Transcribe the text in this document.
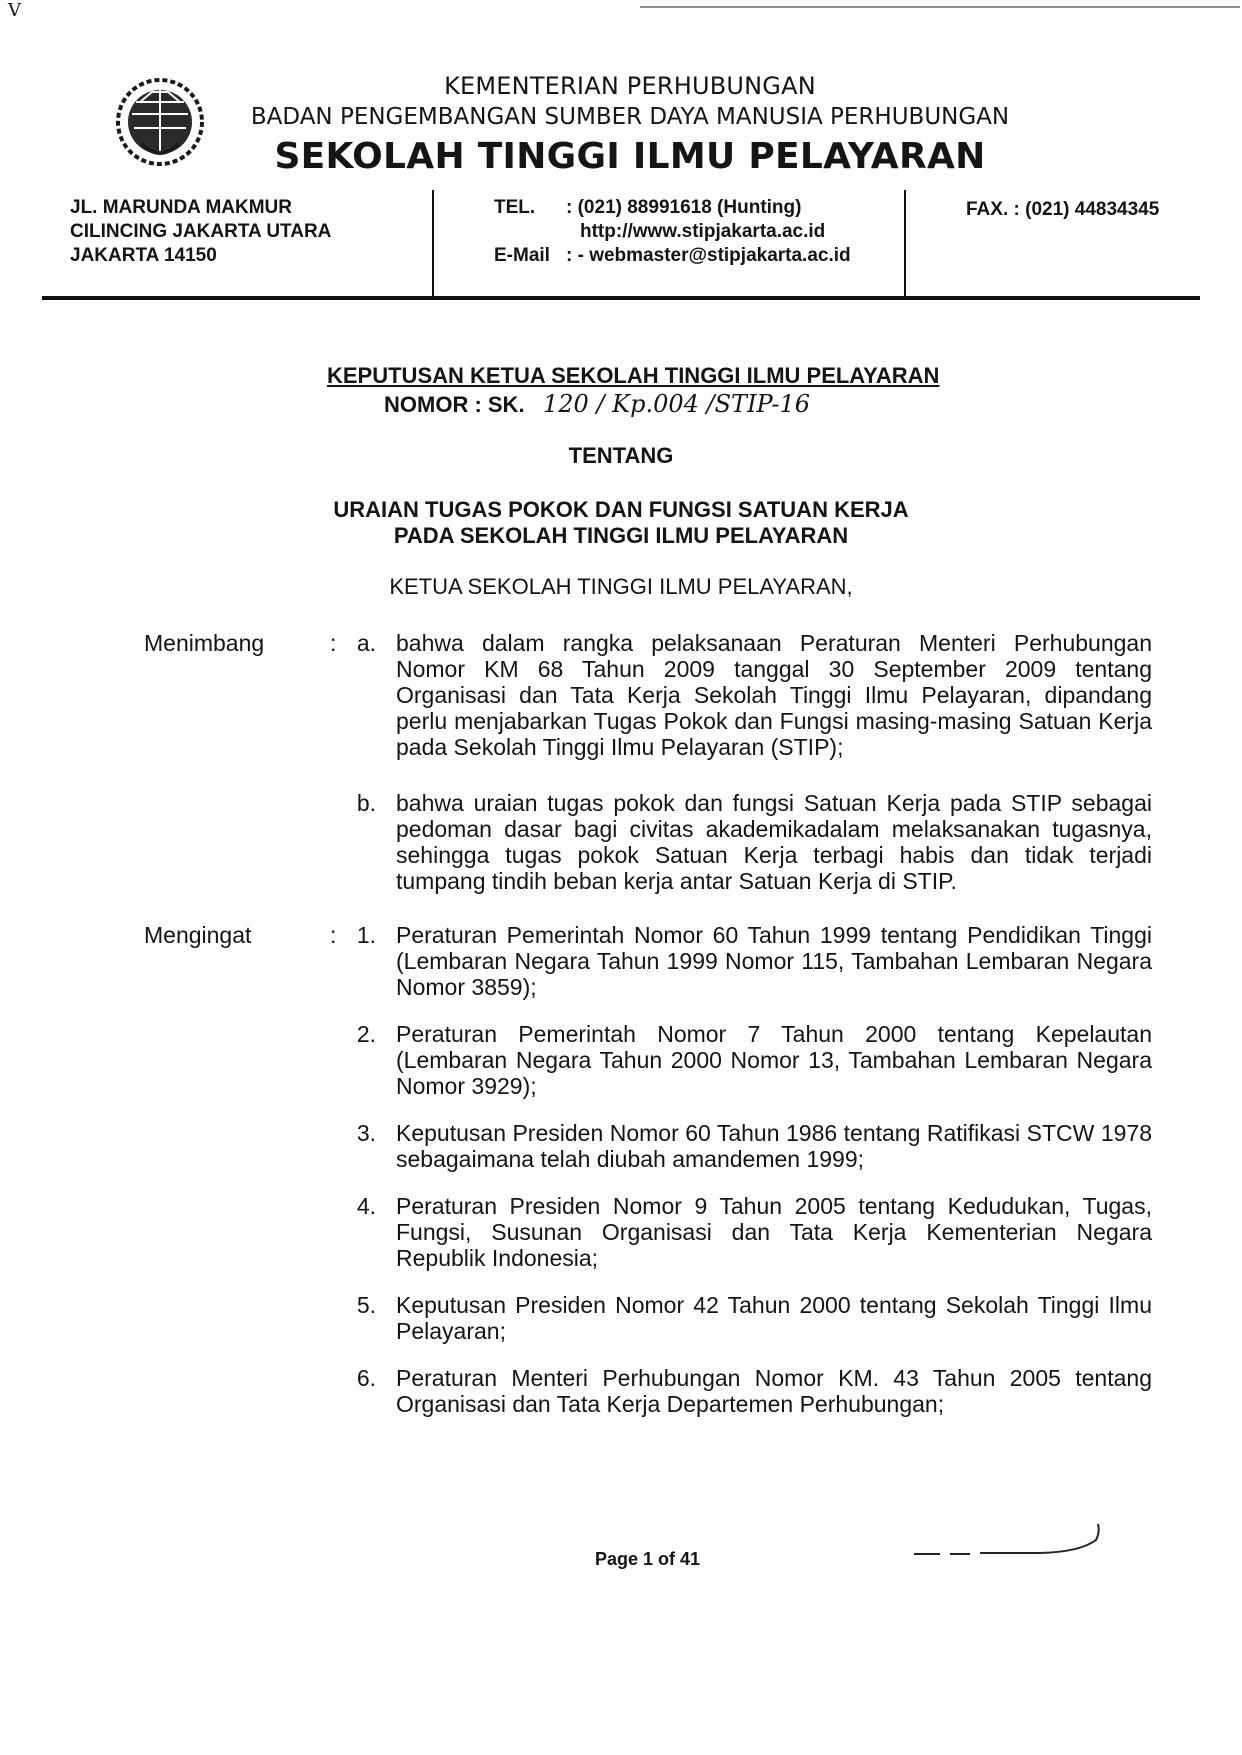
V
KEMENTERIAN PERHUBUNGAN
BADAN PENGEMBANGAN SUMBER DAYA MANUSIA PERHUBUNGAN
SEKOLAH TINGGI ILMU PELAYARAN
JL. MARUNDA MAKMUR
CILINCING JAKARTA UTARA
JAKARTA 14150
TEL.	: (021) 88991618 (Hunting)
http://www.stipjakarta.ac.id
E-Mail : - webmaster@stipjakarta.ac.id
FAX. : (021) 44834345
KEPUTUSAN KETUA SEKOLAH TINGGI ILMU PELAYARAN
NOMOR : SK. 120 / Kp.004 /STIP-16
TENTANG
URAIAN TUGAS POKOK DAN FUNGSI SATUAN KERJA
PADA SEKOLAH TINGGI ILMU PELAYARAN
KETUA SEKOLAH TINGGI ILMU PELAYARAN,
Menimbang	: a. bahwa dalam rangka pelaksanaan Peraturan Menteri Perhubungan Nomor KM 68 Tahun 2009 tanggal 30 September 2009 tentang Organisasi dan Tata Kerja Sekolah Tinggi Ilmu Pelayaran, dipandang perlu menjabarkan Tugas Pokok dan Fungsi masing-masing Satuan Kerja pada Sekolah Tinggi Ilmu Pelayaran (STIP);
b. bahwa uraian tugas pokok dan fungsi Satuan Kerja pada STIP sebagai pedoman dasar bagi civitas akademikadalam melaksanakan tugasnya, sehingga tugas pokok Satuan Kerja terbagi habis dan tidak terjadi tumpang tindih beban kerja antar Satuan Kerja di STIP.
Mengingat	: 1. Peraturan Pemerintah Nomor 60 Tahun 1999 tentang Pendidikan Tinggi (Lembaran Negara Tahun 1999 Nomor 115, Tambahan Lembaran Negara Nomor 3859);
2. Peraturan Pemerintah Nomor 7 Tahun 2000 tentang Kepelautan (Lembaran Negara Tahun 2000 Nomor 13, Tambahan Lembaran Negara Nomor 3929);
3. Keputusan Presiden Nomor 60 Tahun 1986 tentang Ratifikasi STCW 1978 sebagaimana telah diubah amandemen 1999;
4. Peraturan Presiden Nomor 9 Tahun 2005 tentang Kedudukan, Tugas, Fungsi, Susunan Organisasi dan Tata Kerja Kementerian Negara Republik Indonesia;
5. Keputusan Presiden Nomor 42 Tahun 2000 tentang Sekolah Tinggi Ilmu Pelayaran;
6. Peraturan Menteri Perhubungan Nomor KM. 43 Tahun 2005 tentang Organisasi dan Tata Kerja Departemen Perhubungan;
Page 1 of 41
